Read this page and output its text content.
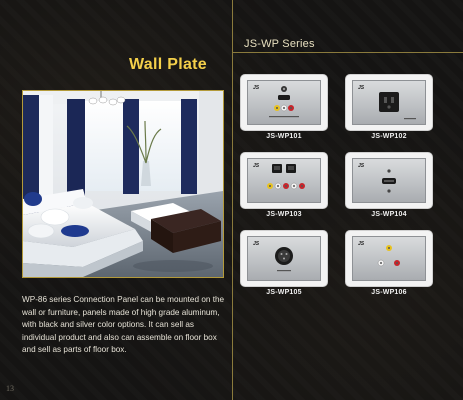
JS-WP Series
Wall Plate
WP-86 series Connection Panel can be mounted on the wall or furniture, panels made of high grade aluminum, with black and silver color options. It can sell as individual product and also can assemble on floor box and sell as parts of floor box.
13
JS
JS-WP101
JS
JS-WP102
JS
JS-WP103
JS
JS-WP104
JS
JS-WP105
JS
JS-WP106
